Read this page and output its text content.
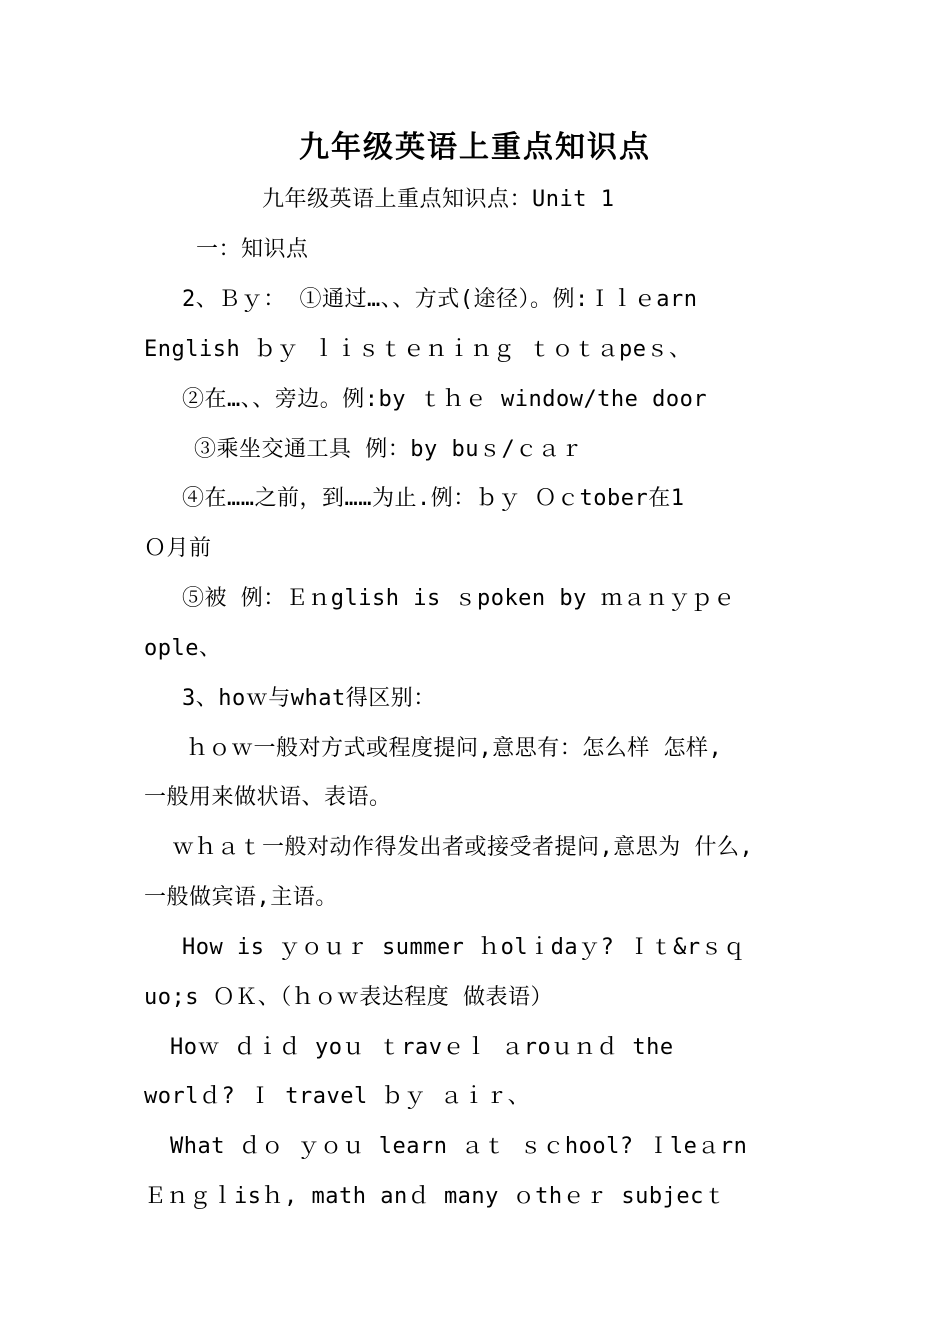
九年级英语上重点知识点
九年级英语上重点知识点：Unit 1
一：知识点
2、Ｂｙ： ①通过…、、方式(途径）。例:Ｉｌｅarn
English ｂｙ ｌｉｓｔｅｎｉｎｇ ｔｏｔａpeｓ、
②在…、、旁边。例:by ｔｈｅ window/the door
③乘坐交通工具 例：by buｓ/ｃａｒ
④在……之前，到……为止.例：ｂｙ Ｏｃtober在1
Ｏ月前
⑤被 例：Ｅｎglish is ｓpoken by ｍａｎｙｐｅ
ople、
3、hoｗ与what得区别：
ｈｏｗ一般对方式或程度提问,意思有：怎么样 怎样,
一般用来做状语、表语。
ｗｈａｔ一般对动作得发出者或接受者提问,意思为 什么,
一般做宾语,主语。
How is ｙｏｕｒ summer ｈolｉdaｙ? Ｉｔ&rｓｑ
uo;s ＯＫ、（ｈｏｗ表达程度 做表语）
Hoｗ ｄｉｄ yoｕ ｔravｅｌ ａroｕｎｄ the
worlｄ? Ｉ travel ｂｙ ａｉｒ、
What ｄｏ ｙｏｕ learn ａｔ ｓｃhool? Ｉleａrn
Ｅｎｇｌisｈ, math anｄ many ｏthｅｒ subjecｔ
